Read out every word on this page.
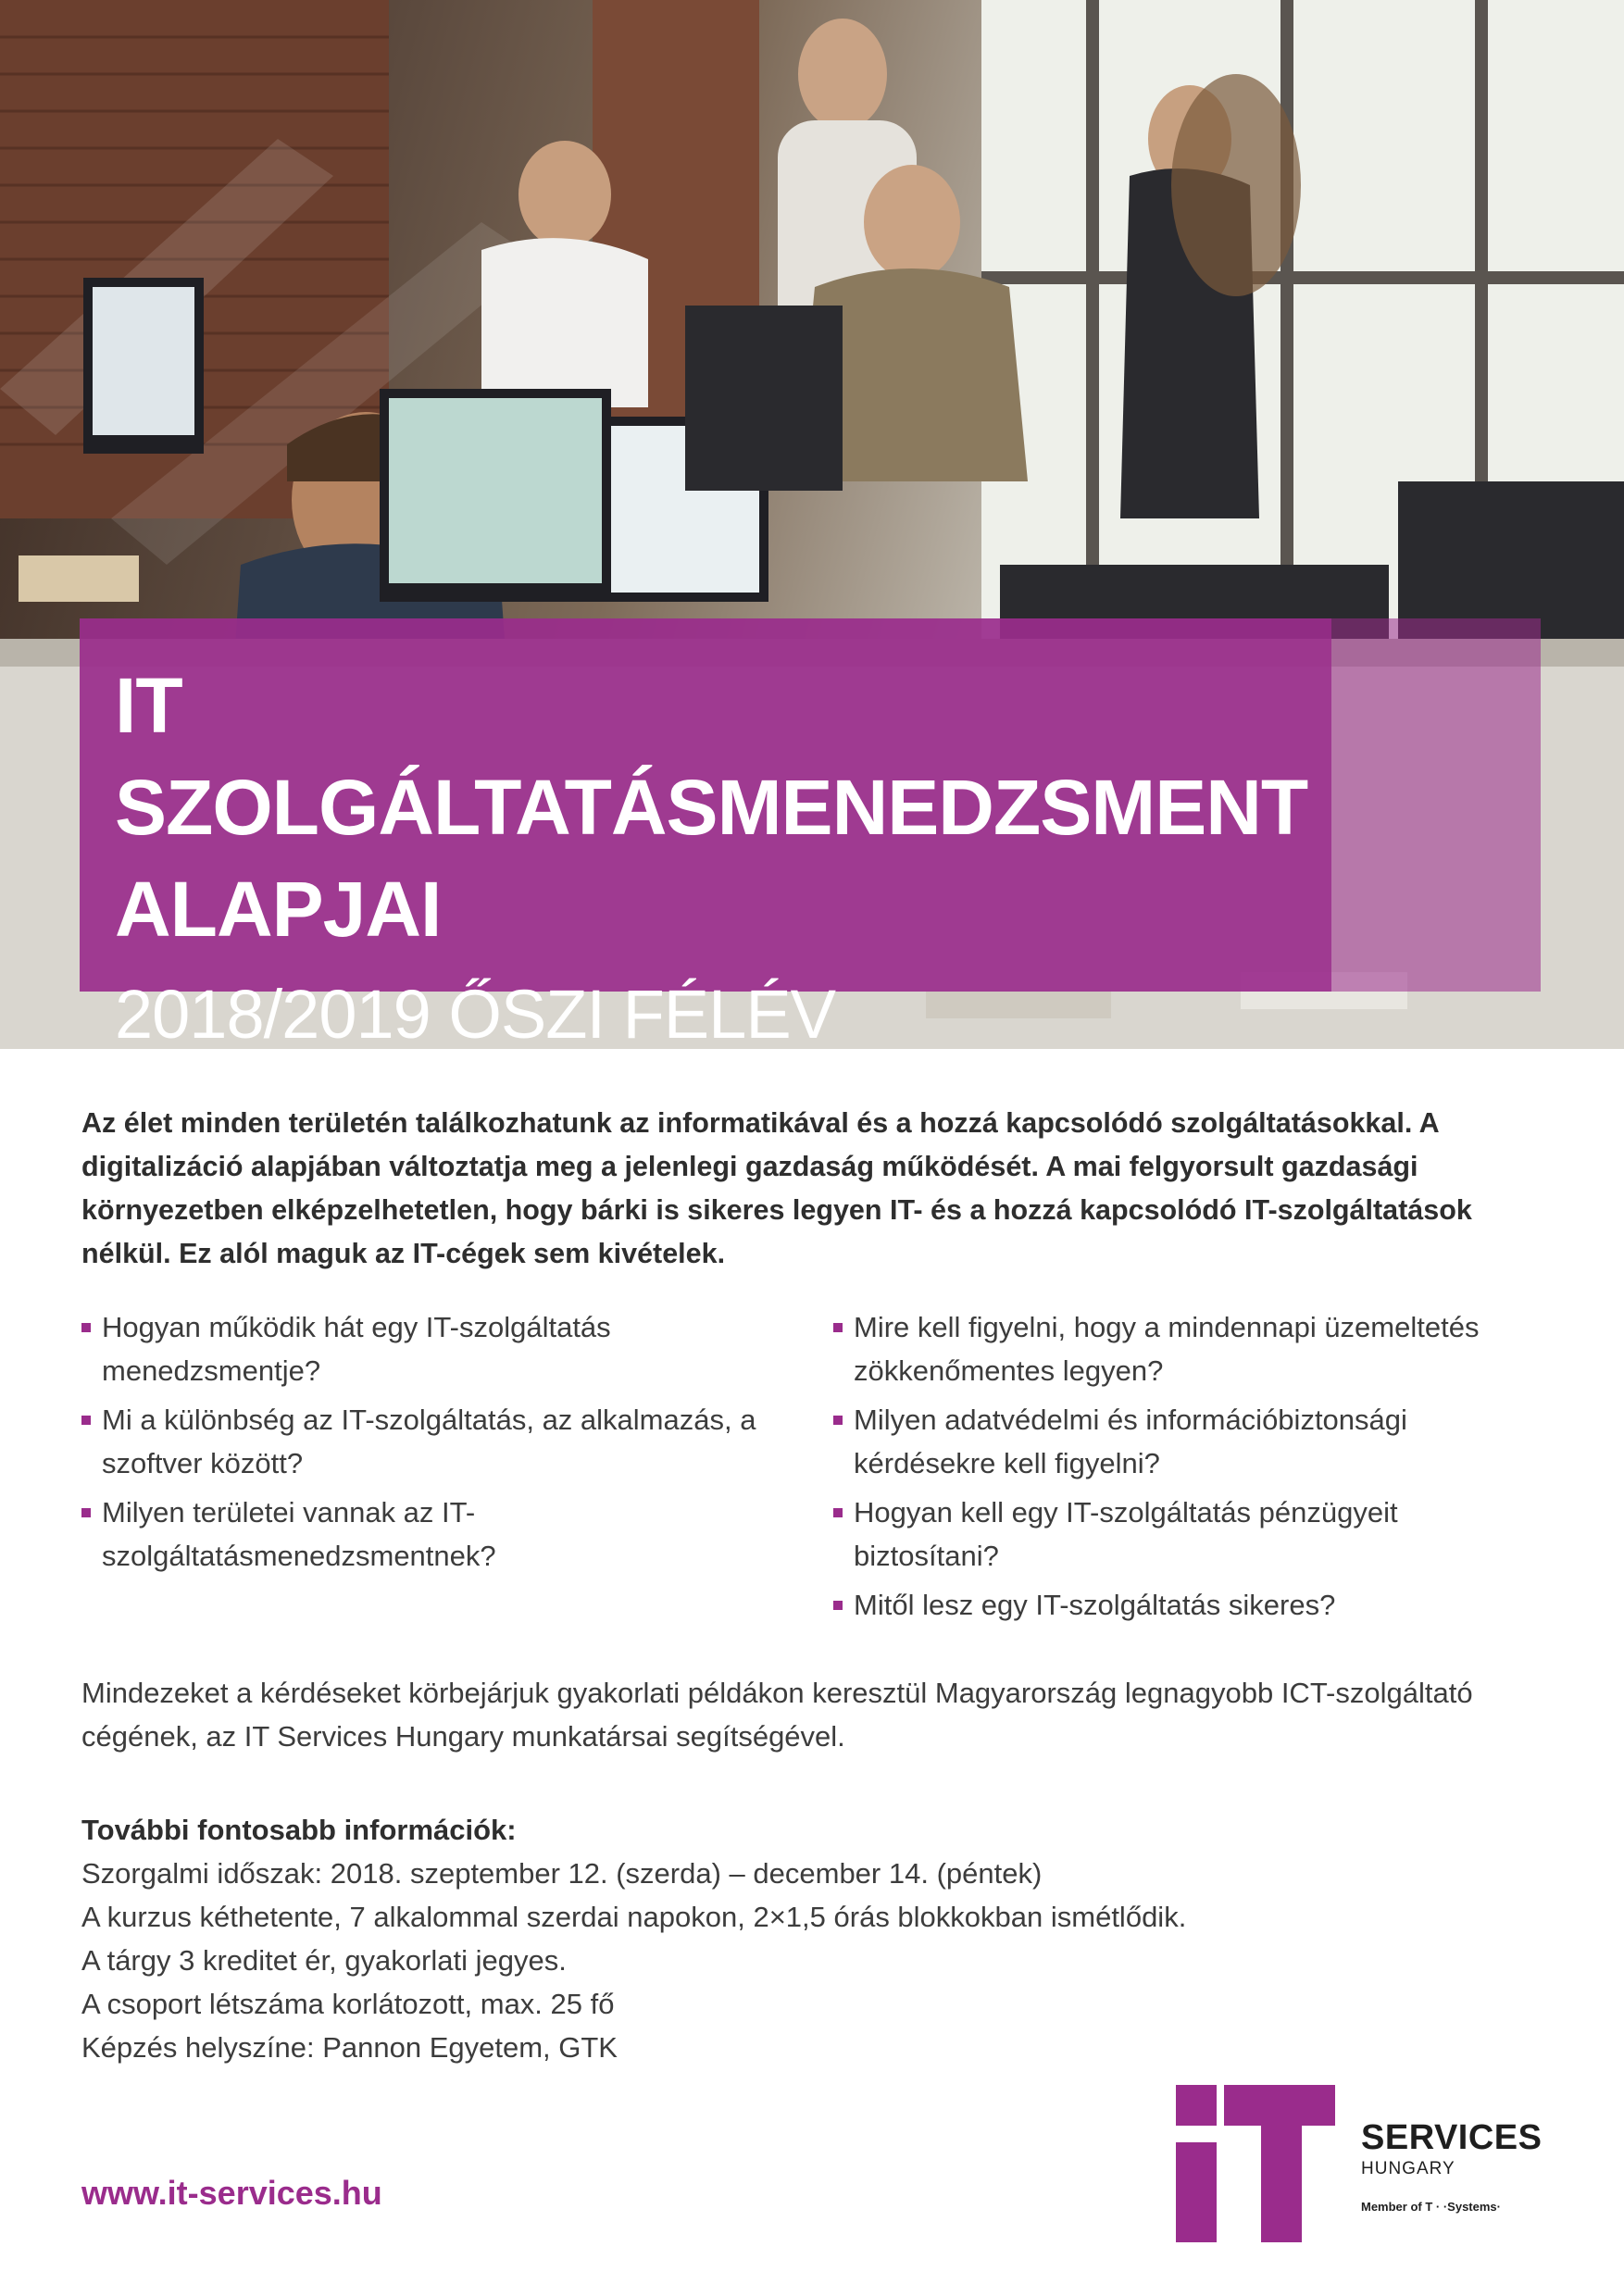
IT SZOLGÁLTATÁSMENEDZSMENT
ALAPJAI
2018/2019 ŐSZI FÉLÉV

Az élet minden területén találkozhatunk az informatikával és a hozzá kapcsolódó szolgáltatásokkal. A

digitalizáció alapjában változtatja meg a jelenlegi gazdaság működését. A mai felgyorsult gazdasági

környezetben elképzelhetetlen, hogy bárki is sikeres legyen IT- és a hozzá kapcsolódó IT-szolgáltatások

nélkül. Ez alól maguk az IT-cégek sem kivételek.

Hogyan működik hát egy IT-szolgáltatás
menedzsmentje?
Mi a különbség az IT-szolgáltatás, az alkalmazás, a
szoftver között?
Milyen területei vannak az IT-
szolgáltatásmenedzsmentnek?
Mire kell figyelni, hogy a mindennapi üzemeltetés
zökkenőmentes legyen?
Milyen adatvédelmi és információbiztonsági
kérdésekre kell figyelni?
Hogyan kell egy IT-szolgáltatás pénzügyeit
biztosítani?
Mitől lesz egy IT-szolgáltatás sikeres?

Mindezeket a kérdéseket körbejárjuk gyakorlati példákon keresztül Magyarország legnagyobb ICT-szolgáltató

cégének, az IT Services Hungary munkatársai segítségével.

További fontosabb információk:
Szorgalmi időszak: 2018. szeptember 12. (szerda) – december 14. (péntek)
A kurzus kéthetente, 7 alkalommal szerdai napokon, 2×1,5 órás blokkokban ismétlődik.
A tárgy 3 kreditet ér, gyakorlati jegyes.
A csoport létszáma korlátozott, max. 25 fő
Képzés helyszíne: Pannon Egyetem, GTK
www.it-services.hu
SERVICES
HUNGARY
Member of T · ·Systems·
